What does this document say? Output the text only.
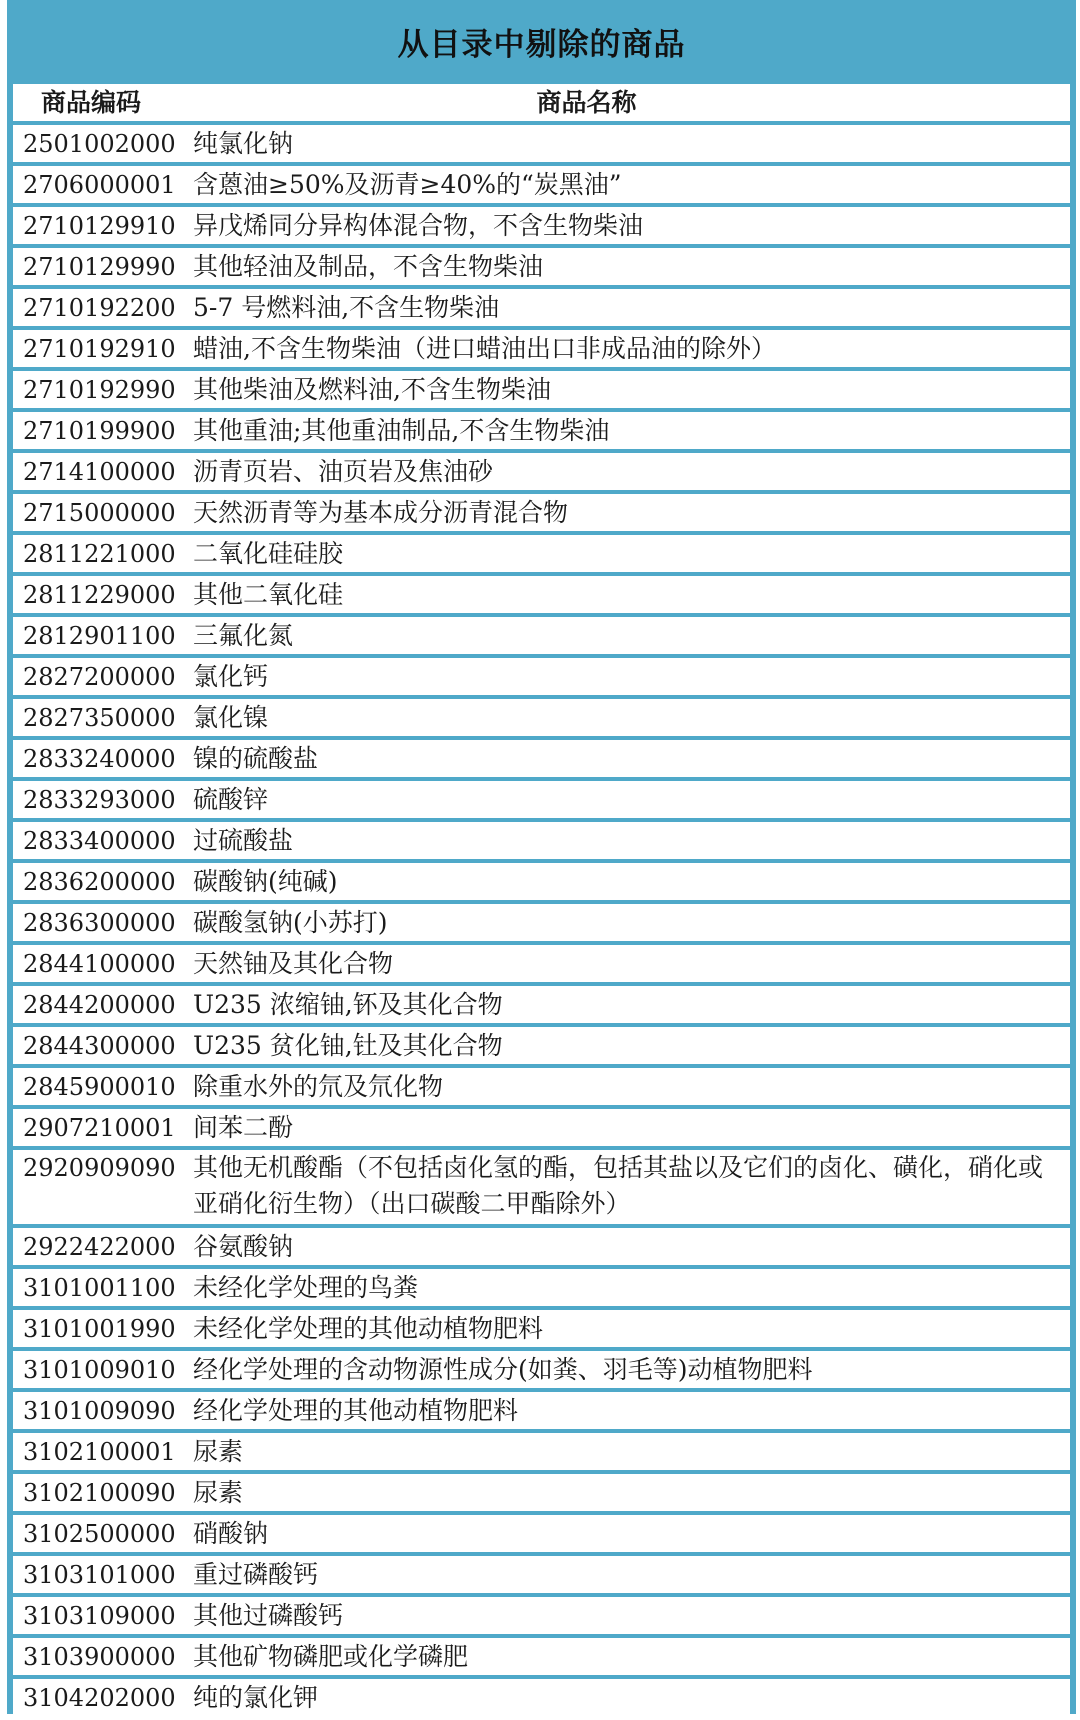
从目录中剔除的商品
商品编码	商品名称
2501002000 纯氯化钠
2706000001 含蒽油≥50%及沥青≥40%的“炭黑油”
2710129910 异戊烯同分异构体混合物，不含生物柴油
2710129990 其他轻油及制品，不含生物柴油
2710192200 5-7 号燃料油,不含生物柴油
2710192910 蜡油,不含生物柴油（进口蜡油出口非成品油的除外）
2710192990 其他柴油及燃料油,不含生物柴油
2710199900 其他重油;其他重油制品,不含生物柴油
2714100000 沥青页岩、油页岩及焦油砂
2715000000 天然沥青等为基本成分沥青混合物
2811221000 二氧化硅硅胶
2811229000 其他二氧化硅
2812901100 三氟化氮
2827200000 氯化钙
2827350000 氯化镍
2833240000 镍的硫酸盐
2833293000 硫酸锌
2833400000 过硫酸盐
2836200000 碳酸钠(纯碱)
2836300000 碳酸氢钠(小苏打)
2844100000 天然铀及其化合物
2844200000 U235 浓缩铀,钚及其化合物
2844300000 U235 贫化铀,钍及其化合物
2845900010 除重水外的氘及氘化物
2907210001 间苯二酚
2920909090 其他无机酸酯（不包括卤化氢的酯，包括其盐以及它们的卤化、磺化，硝化或亚硝化衍生物）（出口碳酸二甲酯除外）
2922422000 谷氨酸钠
3101001100 未经化学处理的鸟粪
3101001990 未经化学处理的其他动植物肥料
3101009010 经化学处理的含动物源性成分(如粪、羽毛等)动植物肥料
3101009090 经化学处理的其他动植物肥料
3102100001 尿素
3102100090 尿素
3102500000 硝酸钠
3103101000 重过磷酸钙
3103109000 其他过磷酸钙
3103900000 其他矿物磷肥或化学磷肥
3104202000 纯的氯化钾
